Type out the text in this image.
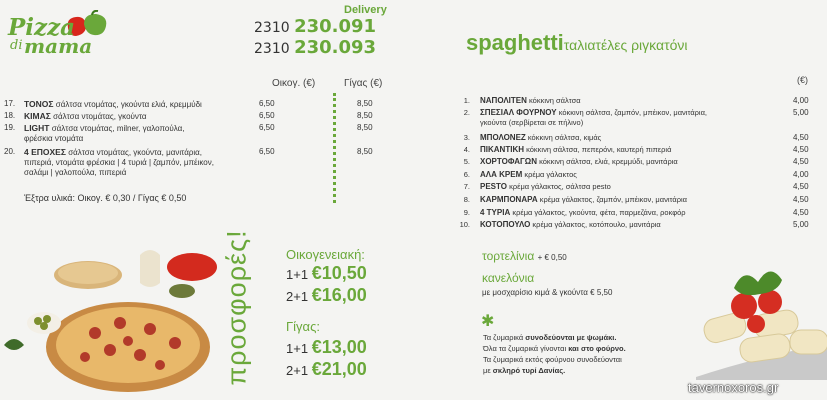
Pizza
di mama
Delivery
2310 230.091
2310 230.093
Οικογ. (€)	Γίγας (€)
17.	ΤΟΝΟΣ σάλτσα ντομάτας, γκούντα ελιά, κρεμμύδι	6,50	8,50
18.	ΚΙΜΑΣ σάλτσα ντομάτας, γκούντα	6,50	8,50
19.	LIGHT σάλτσα ντομάτας, milner, γαλοπούλα,
φρέσκια ντομάτα
6,50	8,50
20.	4 ΕΠΟΧΕΣ σάλτσα ντομάτας, γκούντα, μανιτάρια,
πιπεριά, ντομάτα φρέσκια | 4 τυριά | ζαμπόν, μπέικον,
σαλάμι | γαλοπούλα, πιπεριά
6,50	8,50
Έξτρα υλικά: Οικογ. € 0,30 / Γίγας € 0,50
προσφορές!	Οικογενειακή:
1+1 €10,50
2+1 €16,00
Γίγας:
1+1 €13,00
2+1 €21,00
spaghettiταλιατέλες ριγκατόνι
(€)
1. ΝΑΠΟΛΙΤΕΝ κόκκινη σάλτσα	4,00
2. ΣΠΕΣΙΑΛ ΦΟΥΡΝΟΥ κόκκινη σάλτσα, ζαμπόν, μπέικον, μανιτάρια,
γκούντα (σερβίρεται σε πήλινο)
5,00
3. ΜΠΟΛΟΝΕΖ κόκκινη σάλτσα, κιμάς	4,50
4. ΠΙΚΑΝΤΙΚΗ κόκκινη σάλτσα, πεπερόνι, καυτερή πιπεριά	4,50
5. ΧΟΡΤΟΦΑΓΩΝ κόκκινη σάλτσα, ελιά, κρεμμύδι, μανιτάρια	4,50
6. ΑΛΑ ΚΡΕΜ κρέμα γάλακτος	4,00
7. PESTO κρέμα γάλακτος, σάλτσα pesto	4,50
8. ΚΑΡΜΠΟΝΑΡΑ κρέμα γάλακτος, ζαμπόν, μπέικον, μανιτάρια	4,50
9. 4 ΤΥΡΙΑ κρέμα γάλακτος, γκούντα, φέτα, παρμεζάνα, ροκφόρ	4,50
10. ΚΟΤΟΠΟΥΛΟ κρέμα γάλακτος, κοτόπουλο, μανιτάρια	5,00
τορτελίνια + € 0,50
κανελόνια
με μοσχαρίσιο κιμά & γκούντα € 5,50
✱
Τα ζυμαρικά συνοδεύονται με ψωμάκι.
Όλα τα ζυμαρικά γίνονται και στο φούρνο.
Τα ζυμαρικά εκτός φούρνου συνοδεύονται
με σκληρό τυρί Δανίας.
tavernoxoros.gr
